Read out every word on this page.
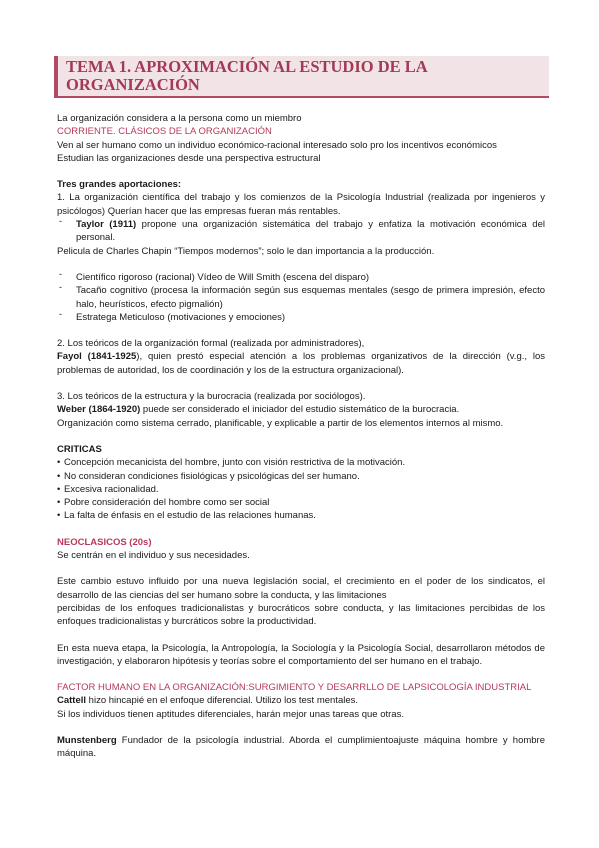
TEMA 1. APROXIMACIÓN AL ESTUDIO DE LA ORGANIZACIÓN

La organización considera a la persona como un miembro

CORRIENTE. CLÁSICOS DE LA ORGANIZACIÓN

Ven al ser humano como un individuo económico-racional interesado solo pro los incentivos económicos

Estudian las organizaciones desde una perspectiva estructural

Tres grandes aportaciones:

1. La organización científica del trabajo y los comienzos de la Psicología Industrial (realizada por ingenieros y psicólogos) Querían hacer que las empresas fueran más rentables.

- Taylor (1911) propone una organización sistemática del trabajo y enfatiza la motivación económica del personal.

Pelicula de Charles Chapin “Tiempos modernos”; solo le dan importancia a la producción.

- Científico rigoroso (racional) Vídeo de Will Smith (escena del disparo)
- Tacaño cognitivo (procesa la información según sus esquemas mentales (sesgo de primera impresión, efecto halo, heurísticos, efecto pigmalión)
- Estratega Meticuloso (motivaciones y emociones)

2. Los teóricos de la organización formal (realizada por administradores),

Fayol (1841-1925), quien prestó especial atención a los problemas organizativos de la dirección (v.g., los problemas de autoridad, los de coordinación y los de la estructura organizacional).

3. Los teóricos de la estructura y la burocracia (realizada por sociólogos).

Weber (1864-1920) puede ser considerado el iniciador del estudio sistemático de la burocracia.

Organización como sistema cerrado, planificable, y explicable a partir de los elementos internos al mismo.

CRITICAS

• Concepción mecanicista del hombre, junto con visión restrictiva de la motivación.
• No consideran condiciones fisiológicas y psicológicas del ser humano.
• Excesiva racionalidad.
• Pobre consideración del hombre como ser social
• La falta de énfasis en el estudio de las relaciones humanas.

NEOCLASICOS (20s)

Se centrán en el individuo y sus necesidades.

Este cambio estuvo influido por una nueva legislación social, el crecimiento en el poder de los sindicatos, el desarrollo de las ciencias del ser humano sobre la conducta, y las limitaciones

percibidas de los enfoques tradicionalistas y burocráticos sobre conducta, y las limitaciones percibidas de los enfoques tradicionalistas y burcráticos sobre la productividad.

En esta nueva etapa, la Psicología, la Antropología, la Sociología y la Psicología Social, desarrollaron métodos de investigación, y elaboraron hipótesis y teorías sobre el comportamiento del ser humano en el trabajo.

FACTOR HUMANO EN LA ORGANIZACIÓN:SURGIMIENTO Y DESARRLLO DE LAPSICOLOGÍA INDUSTRIAL

Cattell hizo hincapié en el enfoque diferencial. Utilizo los test mentales.

Si los individuos tienen aptitudes diferenciales, harán mejor unas tareas que otras.

Munstenberg Fundador de la psicología industrial. Aborda el cumplimientoajuste máquina hombre y hombre máquina.
